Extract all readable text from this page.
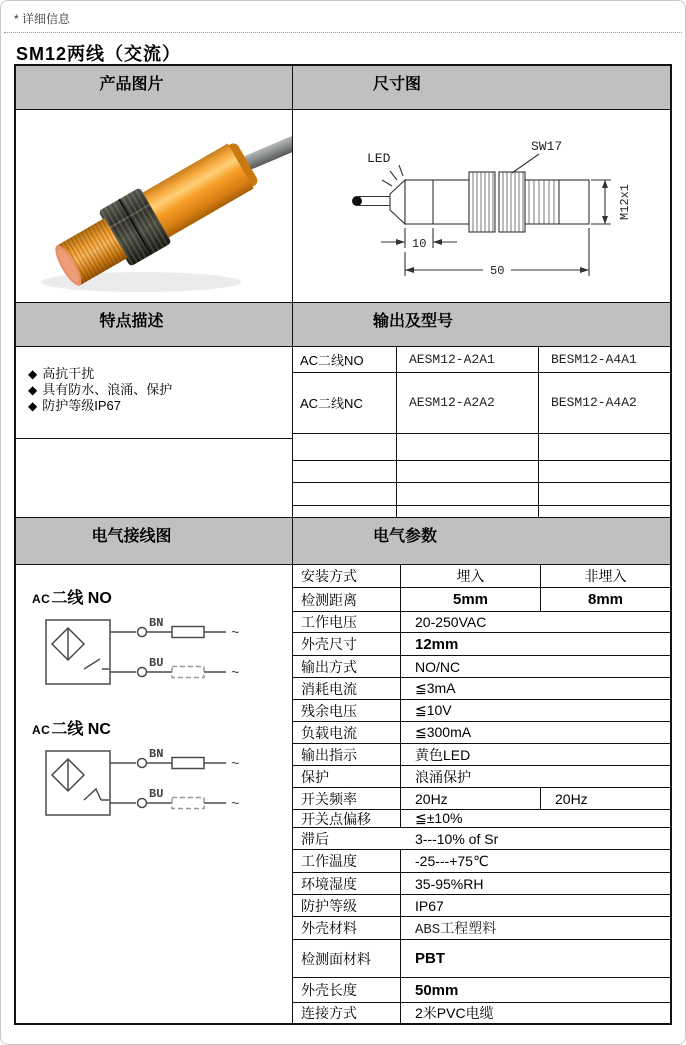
* 详细信息
SM12两线（交流）
产品图片	尺寸图
LED
SW17
M12x1
10
50
特点描述	输出及型号
◆ 高抗干扰
◆ 具有防水、浪涌、保护
◆ 防护等级IP67
AC二线NO	AESM12-A2A1	BESM12-A4A1
AC二线NC	AESM12-A2A2	BESM12-A4A2
电气接线图	电气参数
AC二线 NO
BN
BU
~
~
AC二线 NC
BN
BU
~
~
安装方式	埋入	非埋入
检测距离	5mm	8mm
工作电压	20-250VAC
外壳尺寸	12mm
输出方式	NO/NC
消耗电流	≦3mA
残余电压	≦10V
负载电流	≦300mA
输出指示	黄色LED
保护	浪涌保护
开关频率	20Hz	20Hz
开关点偏移	≦±10%
滞后	3---10% of Sr
工作温度	-25---+75℃
环境湿度	35-95%RH
防护等级	IP67
外壳材料	ABS工程塑料
检测面材料	PBT
外壳长度	50mm
连接方式	2米PVC电缆
